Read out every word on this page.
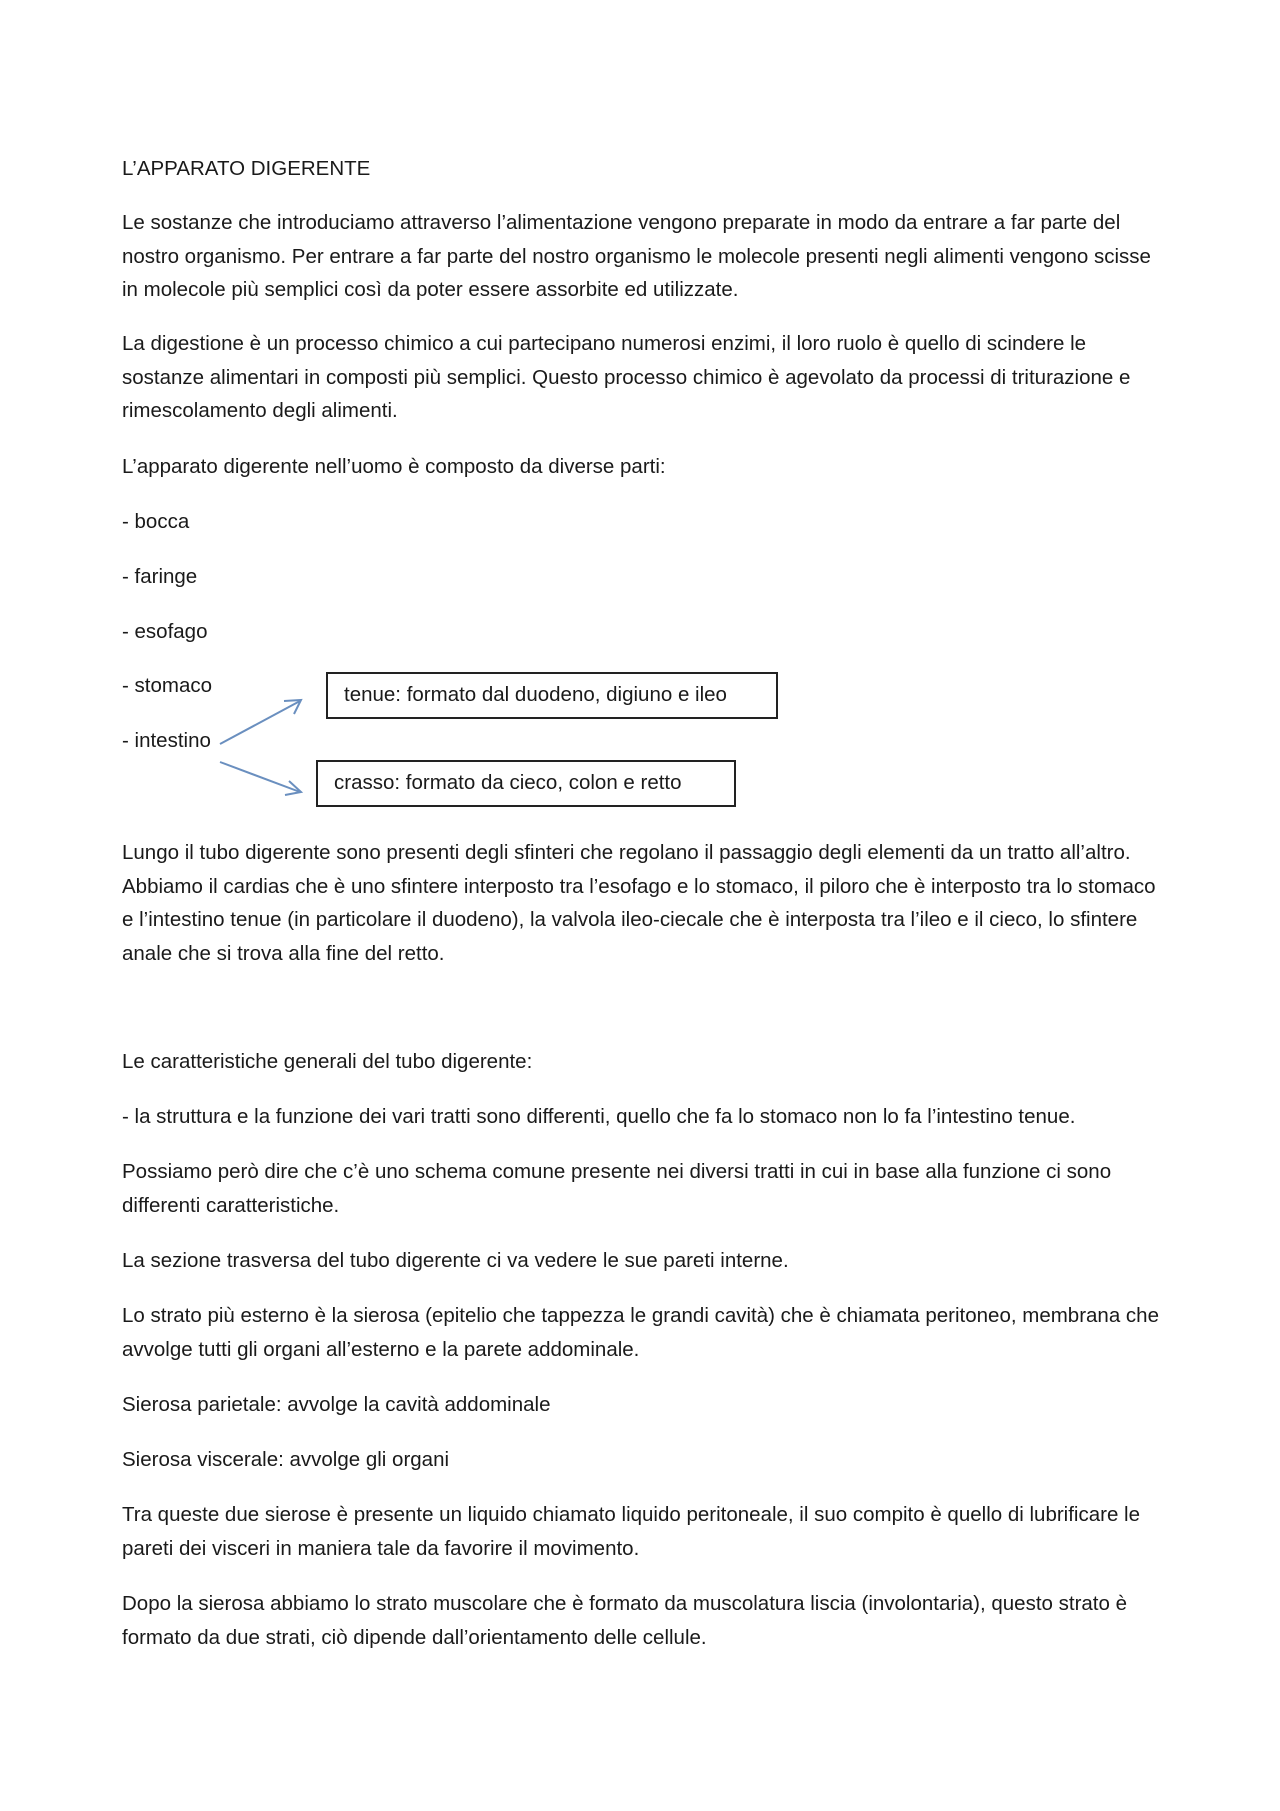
L’APPARATO DIGERENTE

Le sostanze che introduciamo attraverso l’alimentazione vengono preparate in modo da entrare a far parte del nostro organismo. Per entrare a far parte del nostro organismo le molecole presenti negli alimenti vengono scisse in molecole più semplici così da poter essere assorbite ed utilizzate.

La digestione è un processo chimico a cui partecipano numerosi enzimi, il loro ruolo è quello di scindere le sostanze alimentari in composti più semplici. Questo processo chimico è agevolato da processi di triturazione e rimescolamento degli alimenti.

L’apparato digerente nell’uomo è composto da diverse parti:

- bocca
- faringe
- esofago
- stomaco
- intestino
tenue: formato dal duodeno, digiuno e ileo
crasso: formato da cieco, colon e retto

Lungo il tubo digerente sono presenti degli sfinteri che regolano il passaggio degli elementi da un tratto all’altro. Abbiamo il cardias che è uno sfintere interposto tra l’esofago e lo stomaco, il piloro che è interposto tra lo stomaco e l’intestino tenue (in particolare il duodeno), la valvola ileo-ciecale che è interposta tra l’ileo e il cieco, lo sfintere anale che si trova alla fine del retto.

Le caratteristiche generali del tubo digerente:
- la struttura e la funzione dei vari tratti sono differenti, quello che fa lo stomaco non lo fa l’intestino tenue.
Possiamo però dire che c’è uno schema comune presente nei diversi tratti in cui in base alla funzione ci sono differenti caratteristiche.
La sezione trasversa del tubo digerente ci va vedere le sue pareti interne.
Lo strato più esterno è la sierosa (epitelio che tappezza le grandi cavità) che è chiamata peritoneo, membrana che avvolge tutti gli organi all’esterno e la parete addominale.
Sierosa parietale: avvolge la cavità addominale
Sierosa viscerale: avvolge gli organi
Tra queste due sierose è presente un liquido chiamato liquido peritoneale, il suo compito è quello di lubrificare le pareti dei visceri in maniera tale da favorire il movimento.
Dopo la sierosa abbiamo lo strato muscolare che è formato da muscolatura liscia (involontaria), questo strato è formato da due strati, ciò dipende dall’orientamento delle cellule.
